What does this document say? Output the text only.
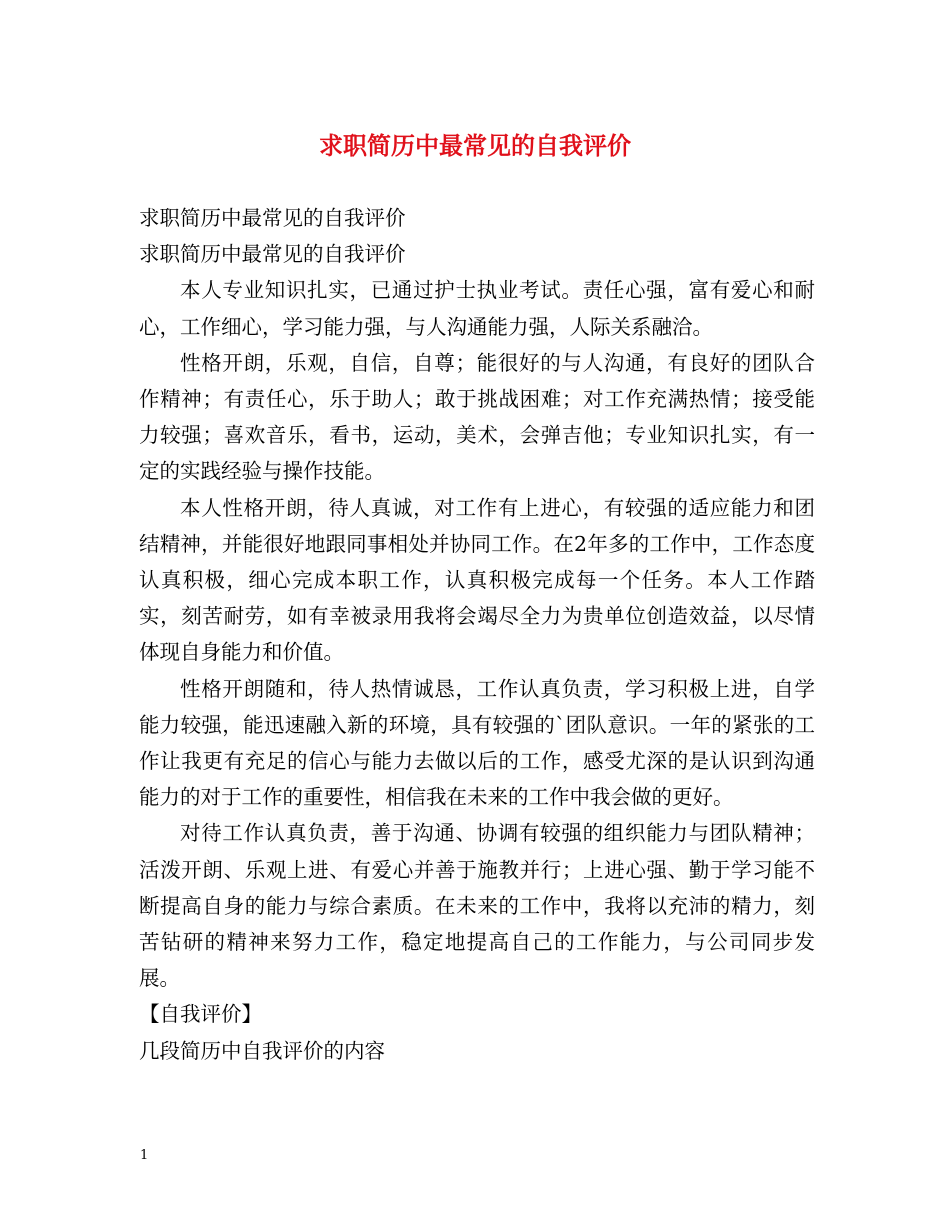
求职简历中最常见的自我评价

求职简历中最常见的自我评价

求职简历中最常见的自我评价

本人专业知识扎实，已通过护士执业考试。责任心强，富有爱心和耐心，工作细心，学习能力强，与人沟通能力强，人际关系融洽。

性格开朗，乐观，自信，自尊；能很好的与人沟通，有良好的团队合作精神；有责任心，乐于助人；敢于挑战困难；对工作充满热情；接受能力较强；喜欢音乐，看书，运动，美术，会弹吉他；专业知识扎实，有一定的实践经验与操作技能。

本人性格开朗，待人真诚，对工作有上进心，有较强的适应能力和团结精神，并能很好地跟同事相处并协同工作。在2年多的工作中，工作态度认真积极，细心完成本职工作，认真积极完成每一个任务。本人工作踏实，刻苦耐劳，如有幸被录用我将会竭尽全力为贵单位创造效益，以尽情体现自身能力和价值。

性格开朗随和，待人热情诚恳，工作认真负责，学习积极上进，自学能力较强，能迅速融入新的环境，具有较强的`团队意识。一年的紧张的工作让我更有充足的信心与能力去做以后的工作，感受尤深的是认识到沟通能力的对于工作的重要性，相信我在未来的工作中我会做的更好。

对待工作认真负责，善于沟通、协调有较强的组织能力与团队精神；活泼开朗、乐观上进、有爱心并善于施教并行；上进心强、勤于学习能不断提高自身的能力与综合素质。在未来的工作中，我将以充沛的精力，刻苦钻研的精神来努力工作，稳定地提高自己的工作能力，与公司同步发展。

【自我评价】

几段简历中自我评价的内容

1
